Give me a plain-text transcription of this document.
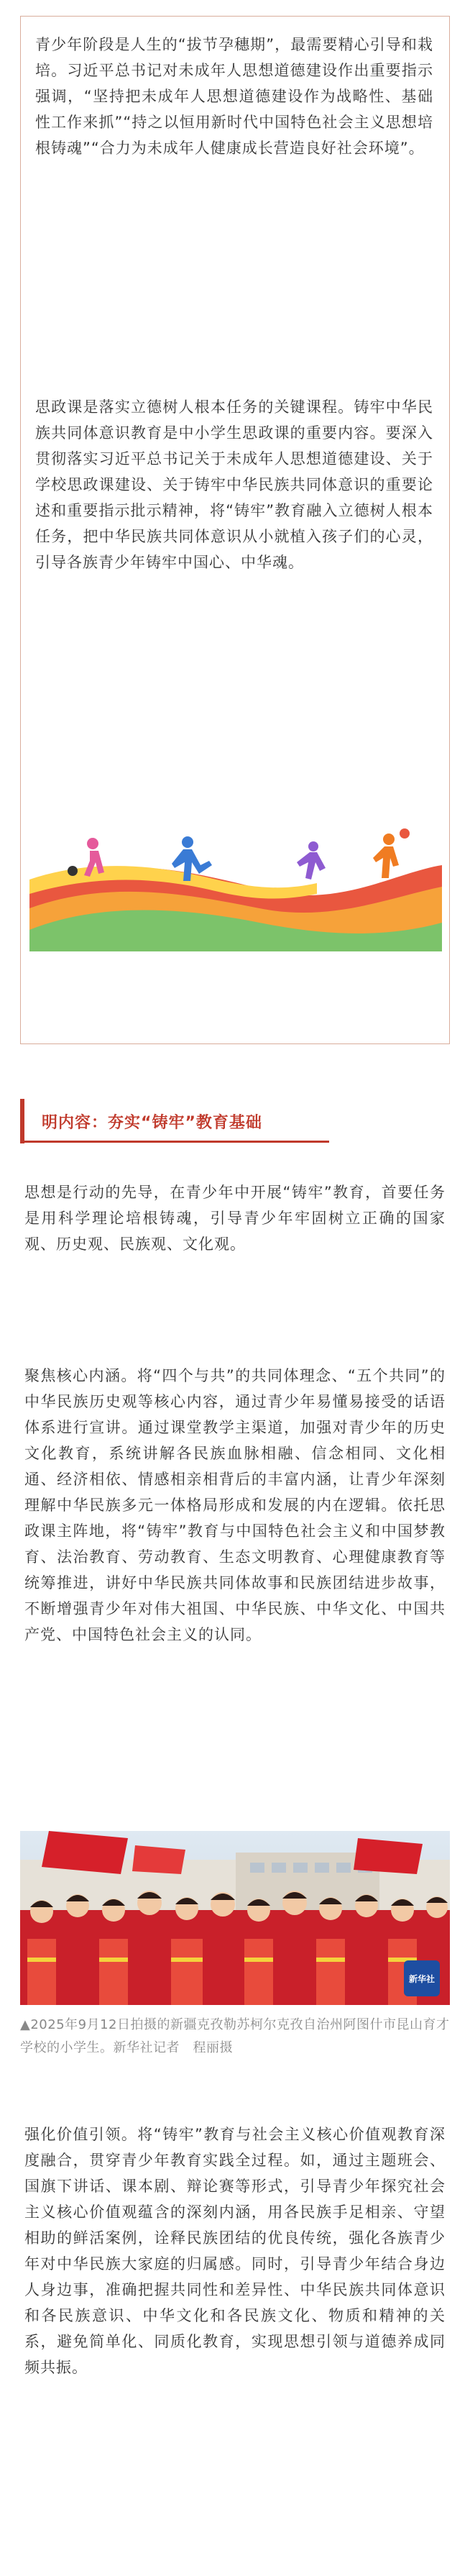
青少年阶段是人生的“拔节孕穗期”，最需要精心引导和栽培。习近平总书记对未成年人思想道德建设作出重要指示强调，“坚持把未成年人思想道德建设作为战略性、基础性工作来抓”“持之以恒用新时代中国特色社会主义思想培根铸魂”“合力为未成年人健康成长营造良好社会环境”。

思政课是落实立德树人根本任务的关键课程。铸牢中华民族共同体意识教育是中小学生思政课的重要内容。要深入贯彻落实习近平总书记关于未成年人思想道德建设、关于学校思政课建设、关于铸牢中华民族共同体意识的重要论述和重要指示批示精神，将“铸牢”教育融入立德树人根本任务，把中华民族共同体意识从小就植入孩子们的心灵，引导各族青少年铸牢中国心、中华魂。

明内容：夯实“铸牢”教育基础

思想是行动的先导，在青少年中开展“铸牢”教育，首要任务是用科学理论培根铸魂，引导青少年牢固树立正确的国家观、历史观、民族观、文化观。

聚焦核心内涵。将“四个与共”的共同体理念、“五个共同”的中华民族历史观等核心内容，通过青少年易懂易接受的话语体系进行宣讲。通过课堂教学主渠道，加强对青少年的历史文化教育，系统讲解各民族血脉相融、信念相同、文化相通、经济相依、情感相亲相背后的丰富内涵，让青少年深刻理解中华民族多元一体格局形成和发展的内在逻辑。依托思政课主阵地，将“铸牢”教育与中国特色社会主义和中国梦教育、法治教育、劳动教育、生态文明教育、心理健康教育等统筹推进，讲好中华民族共同体故事和民族团结进步故事，不断增强青少年对伟大祖国、中华民族、中华文化、中国共产党、中国特色社会主义的认同。

新华社
▲2025年9月12日拍摄的新疆克孜勒苏柯尔克孜自治州阿图什市昆山育才学校的小学生。新华社记者　程丽摄

强化价值引领。将“铸牢”教育与社会主义核心价值观教育深度融合，贯穿青少年教育实践全过程。如，通过主题班会、国旗下讲话、课本剧、辩论赛等形式，引导青少年探究社会主义核心价值观蕴含的深刻内涵，用各民族手足相亲、守望相助的鲜活案例，诠释民族团结的优良传统，强化各族青少年对中华民族大家庭的归属感。同时，引导青少年结合身边人身边事，准确把握共同性和差异性、中华民族共同体意识和各民族意识、中华文化和各民族文化、物质和精神的关系，避免简单化、同质化教育，实现思想引领与道德养成同频共振。
